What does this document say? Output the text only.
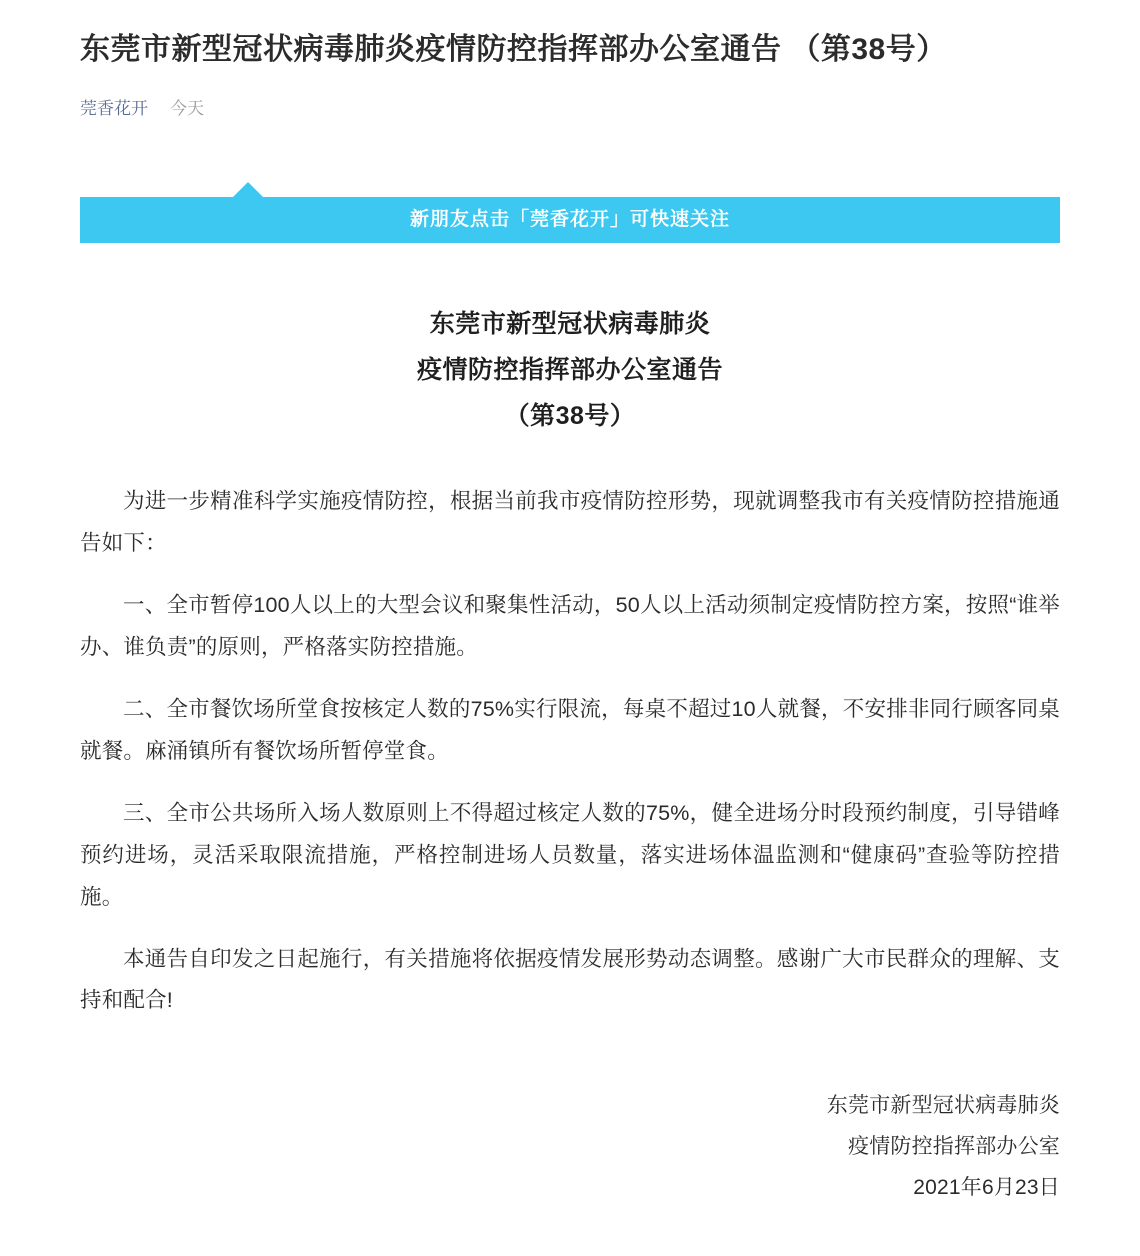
东莞市新型冠状病毒肺炎疫情防控指挥部办公室通告 （第38号）
莞香花开 今天
新朋友点击「莞香花开」可快速关注
东莞市新型冠状病毒肺炎
疫情防控指挥部办公室通告
（第38号）

为进一步精准科学实施疫情防控，根据当前我市疫情防控形势，现就调整我市有关疫情防控措施通告如下：

一、全市暂停100人以上的大型会议和聚集性活动，50人以上活动须制定疫情防控方案，按照“谁举办、谁负责”的原则，严格落实防控措施。

二、全市餐饮场所堂食按核定人数的75%实行限流，每桌不超过10人就餐，不安排非同行顾客同桌就餐。麻涌镇所有餐饮场所暂停堂食。

三、全市公共场所入场人数原则上不得超过核定人数的75%，健全进场分时段预约制度，引导错峰预约进场，灵活采取限流措施，严格控制进场人员数量，落实进场体温监测和“健康码”查验等防控措施。

本通告自印发之日起施行，有关措施将依据疫情发展形势动态调整。感谢广大市民群众的理解、支持和配合!

东莞市新型冠状病毒肺炎
疫情防控指挥部办公室
2021年6月23日
